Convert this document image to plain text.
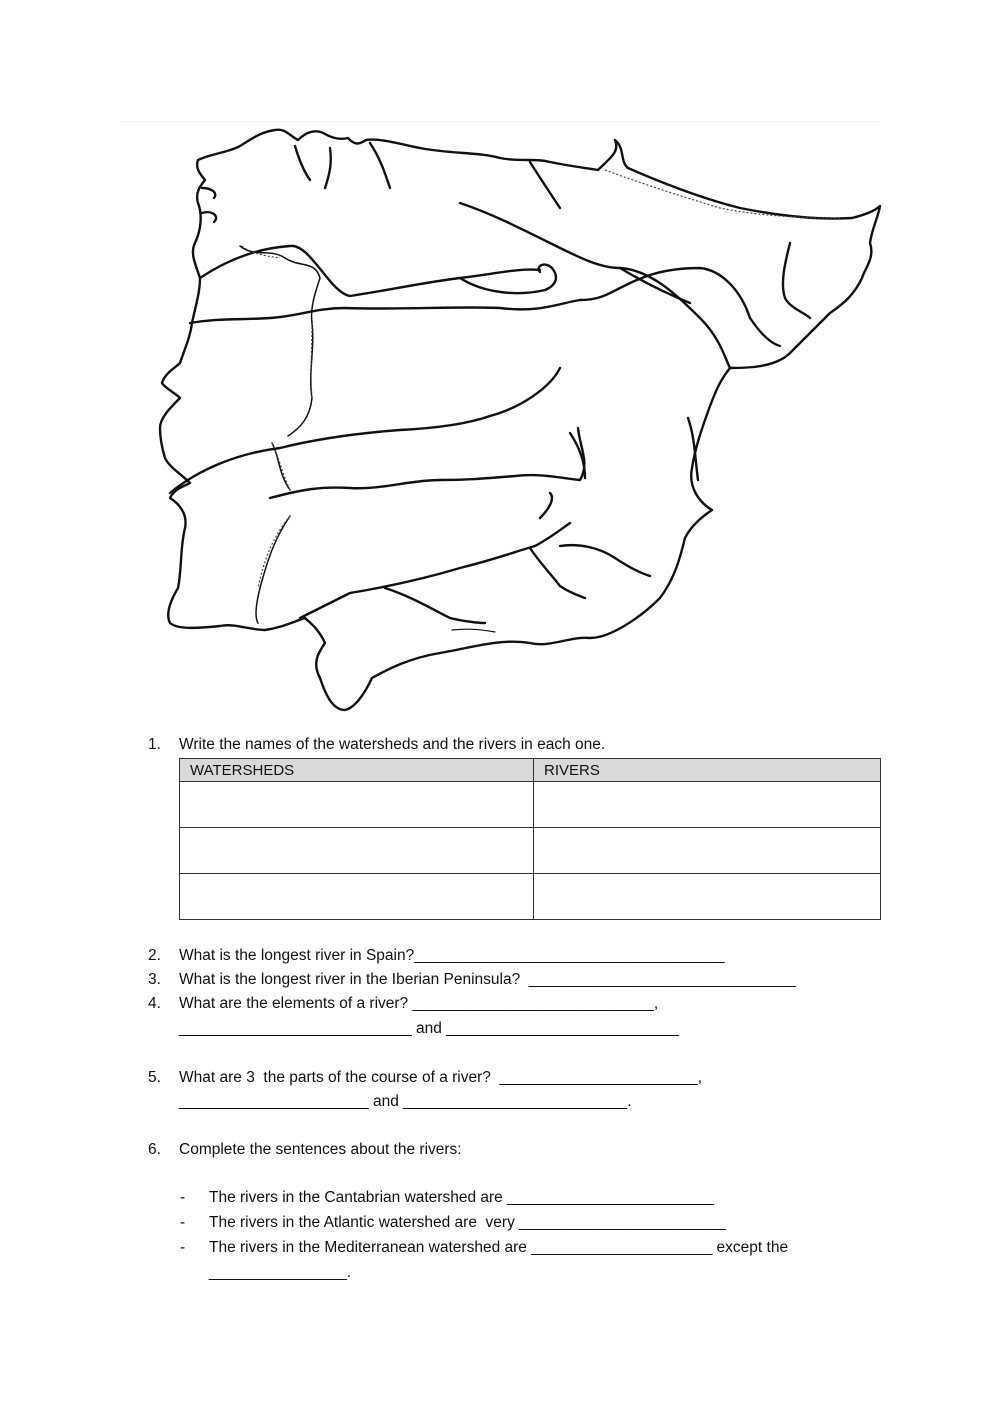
1. Write the names of the watersheds and the rivers in each one.
WATERSHEDS	RIVERS

2. What is the longest river in Spain?____________________________________
3. What is the longest river in the Iberian Peninsula?  _______________________________
4. What are the elements of a river? ____________________________,
___________________________ and ___________________________
5. What are 3  the parts of the course of a river?  _______________________,
______________________ and __________________________.
6. Complete the sentences about the rivers:
- The rivers in the Cantabrian watershed are ________________________
- The rivers in the Atlantic watershed are  very ________________________
- The rivers in the Mediterranean watershed are _____________________ except the
________________.
